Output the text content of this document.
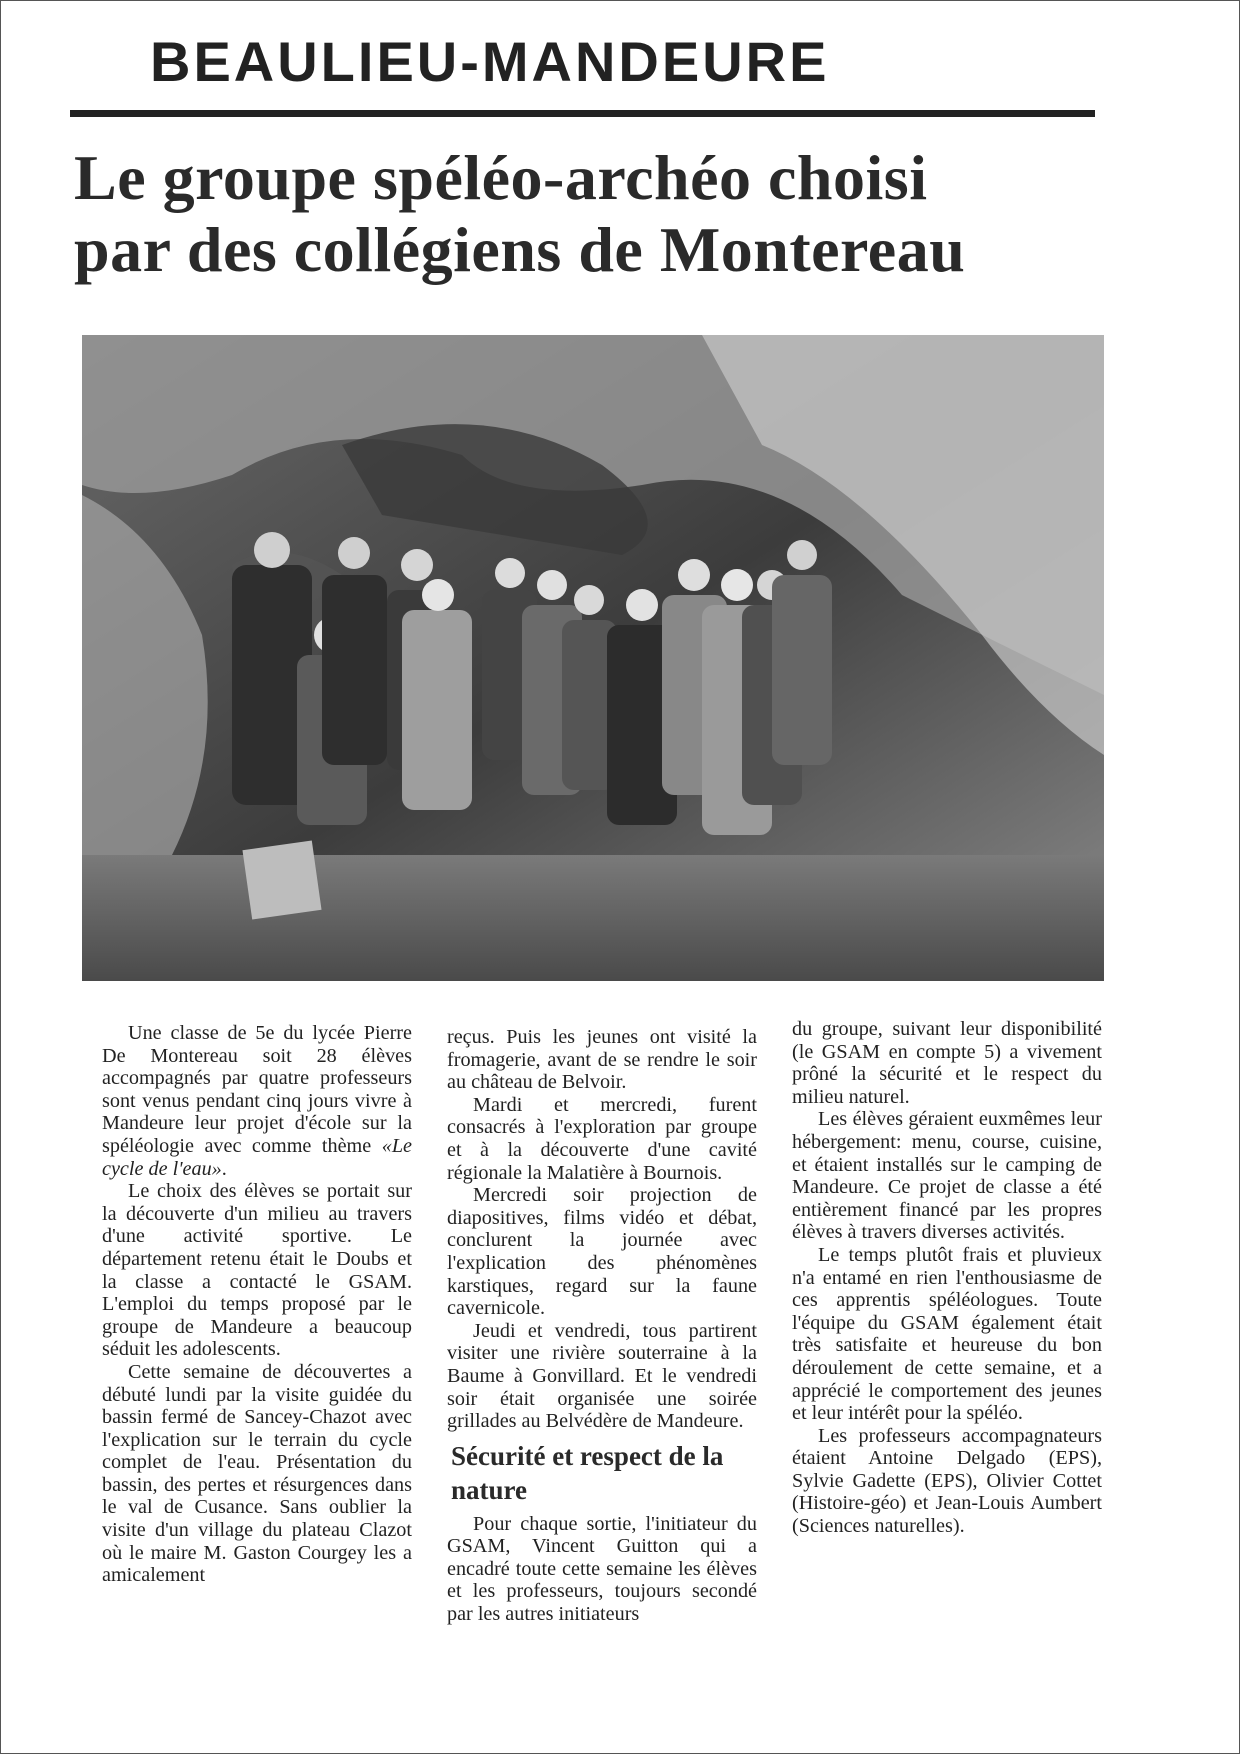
BEAULIEU-MANDEURE
Le groupe spéléo-archéo choisi
par des collégiens de Montereau

Une classe de 5e du lycée Pierre De Montereau soit 28 élèves accompagnés par quatre professeurs sont venus pendant cinq jours vivre à Mandeure leur projet d'école sur la spéléologie avec comme thème «Le cycle de l'eau».

Le choix des élèves se portait sur la découverte d'un milieu au travers d'une activité sportive. Le département retenu était le Doubs et la classe a contacté le GSAM. L'emploi du temps proposé par le groupe de Mandeure a beaucoup séduit les adolescents.

Cette semaine de découvertes a débuté lundi par la visite guidée du bassin fermé de Sancey-Chazot avec l'explication sur le terrain du cycle complet de l'eau. Présentation du bassin, des pertes et résurgences dans le val de Cusance. Sans oublier la visite d'un village du plateau Clazot où le maire M. Gaston Courgey les a amicalement

reçus. Puis les jeunes ont visité la fromagerie, avant de se rendre le soir au château de Belvoir.

Mardi et mercredi, furent consacrés à l'exploration par groupe et à la découverte d'une cavité régionale la Malatière à Bournois.

Mercredi soir projection de diapositives, films vidéo et débat, conclurent la journée avec l'explication des phénomènes karstiques, regard sur la faune cavernicole.

Jeudi et vendredi, tous partirent visiter une rivière souterraine à la Baume à Gonvillard. Et le vendredi soir était organisée une soirée grillades au Belvédère de Mandeure.

Sécurité et respect de la nature

Pour chaque sortie, l'initiateur du GSAM, Vincent Guitton qui a encadré toute cette semaine les élèves et les professeurs, toujours secondé par les autres initiateurs

du groupe, suivant leur disponibilité (le GSAM en compte 5) a vivement prôné la sécurité et le respect du milieu naturel.

Les élèves géraient euxmêmes leur hébergement: menu, course, cuisine, et étaient installés sur le camping de Mandeure. Ce projet de classe a été entièrement financé par les propres élèves à travers diverses activités.

Le temps plutôt frais et pluvieux n'a entamé en rien l'enthousiasme de ces apprentis spéléologues. Toute l'équipe du GSAM également était très satisfaite et heureuse du bon déroulement de cette semaine, et a apprécié le comportement des jeunes et leur intérêt pour la spéléo.

Les professeurs accompagnateurs étaient Antoine Delgado (EPS), Sylvie Gadette (EPS), Olivier Cottet (Histoire-géo) et Jean-Louis Aumbert (Sciences naturelles).
